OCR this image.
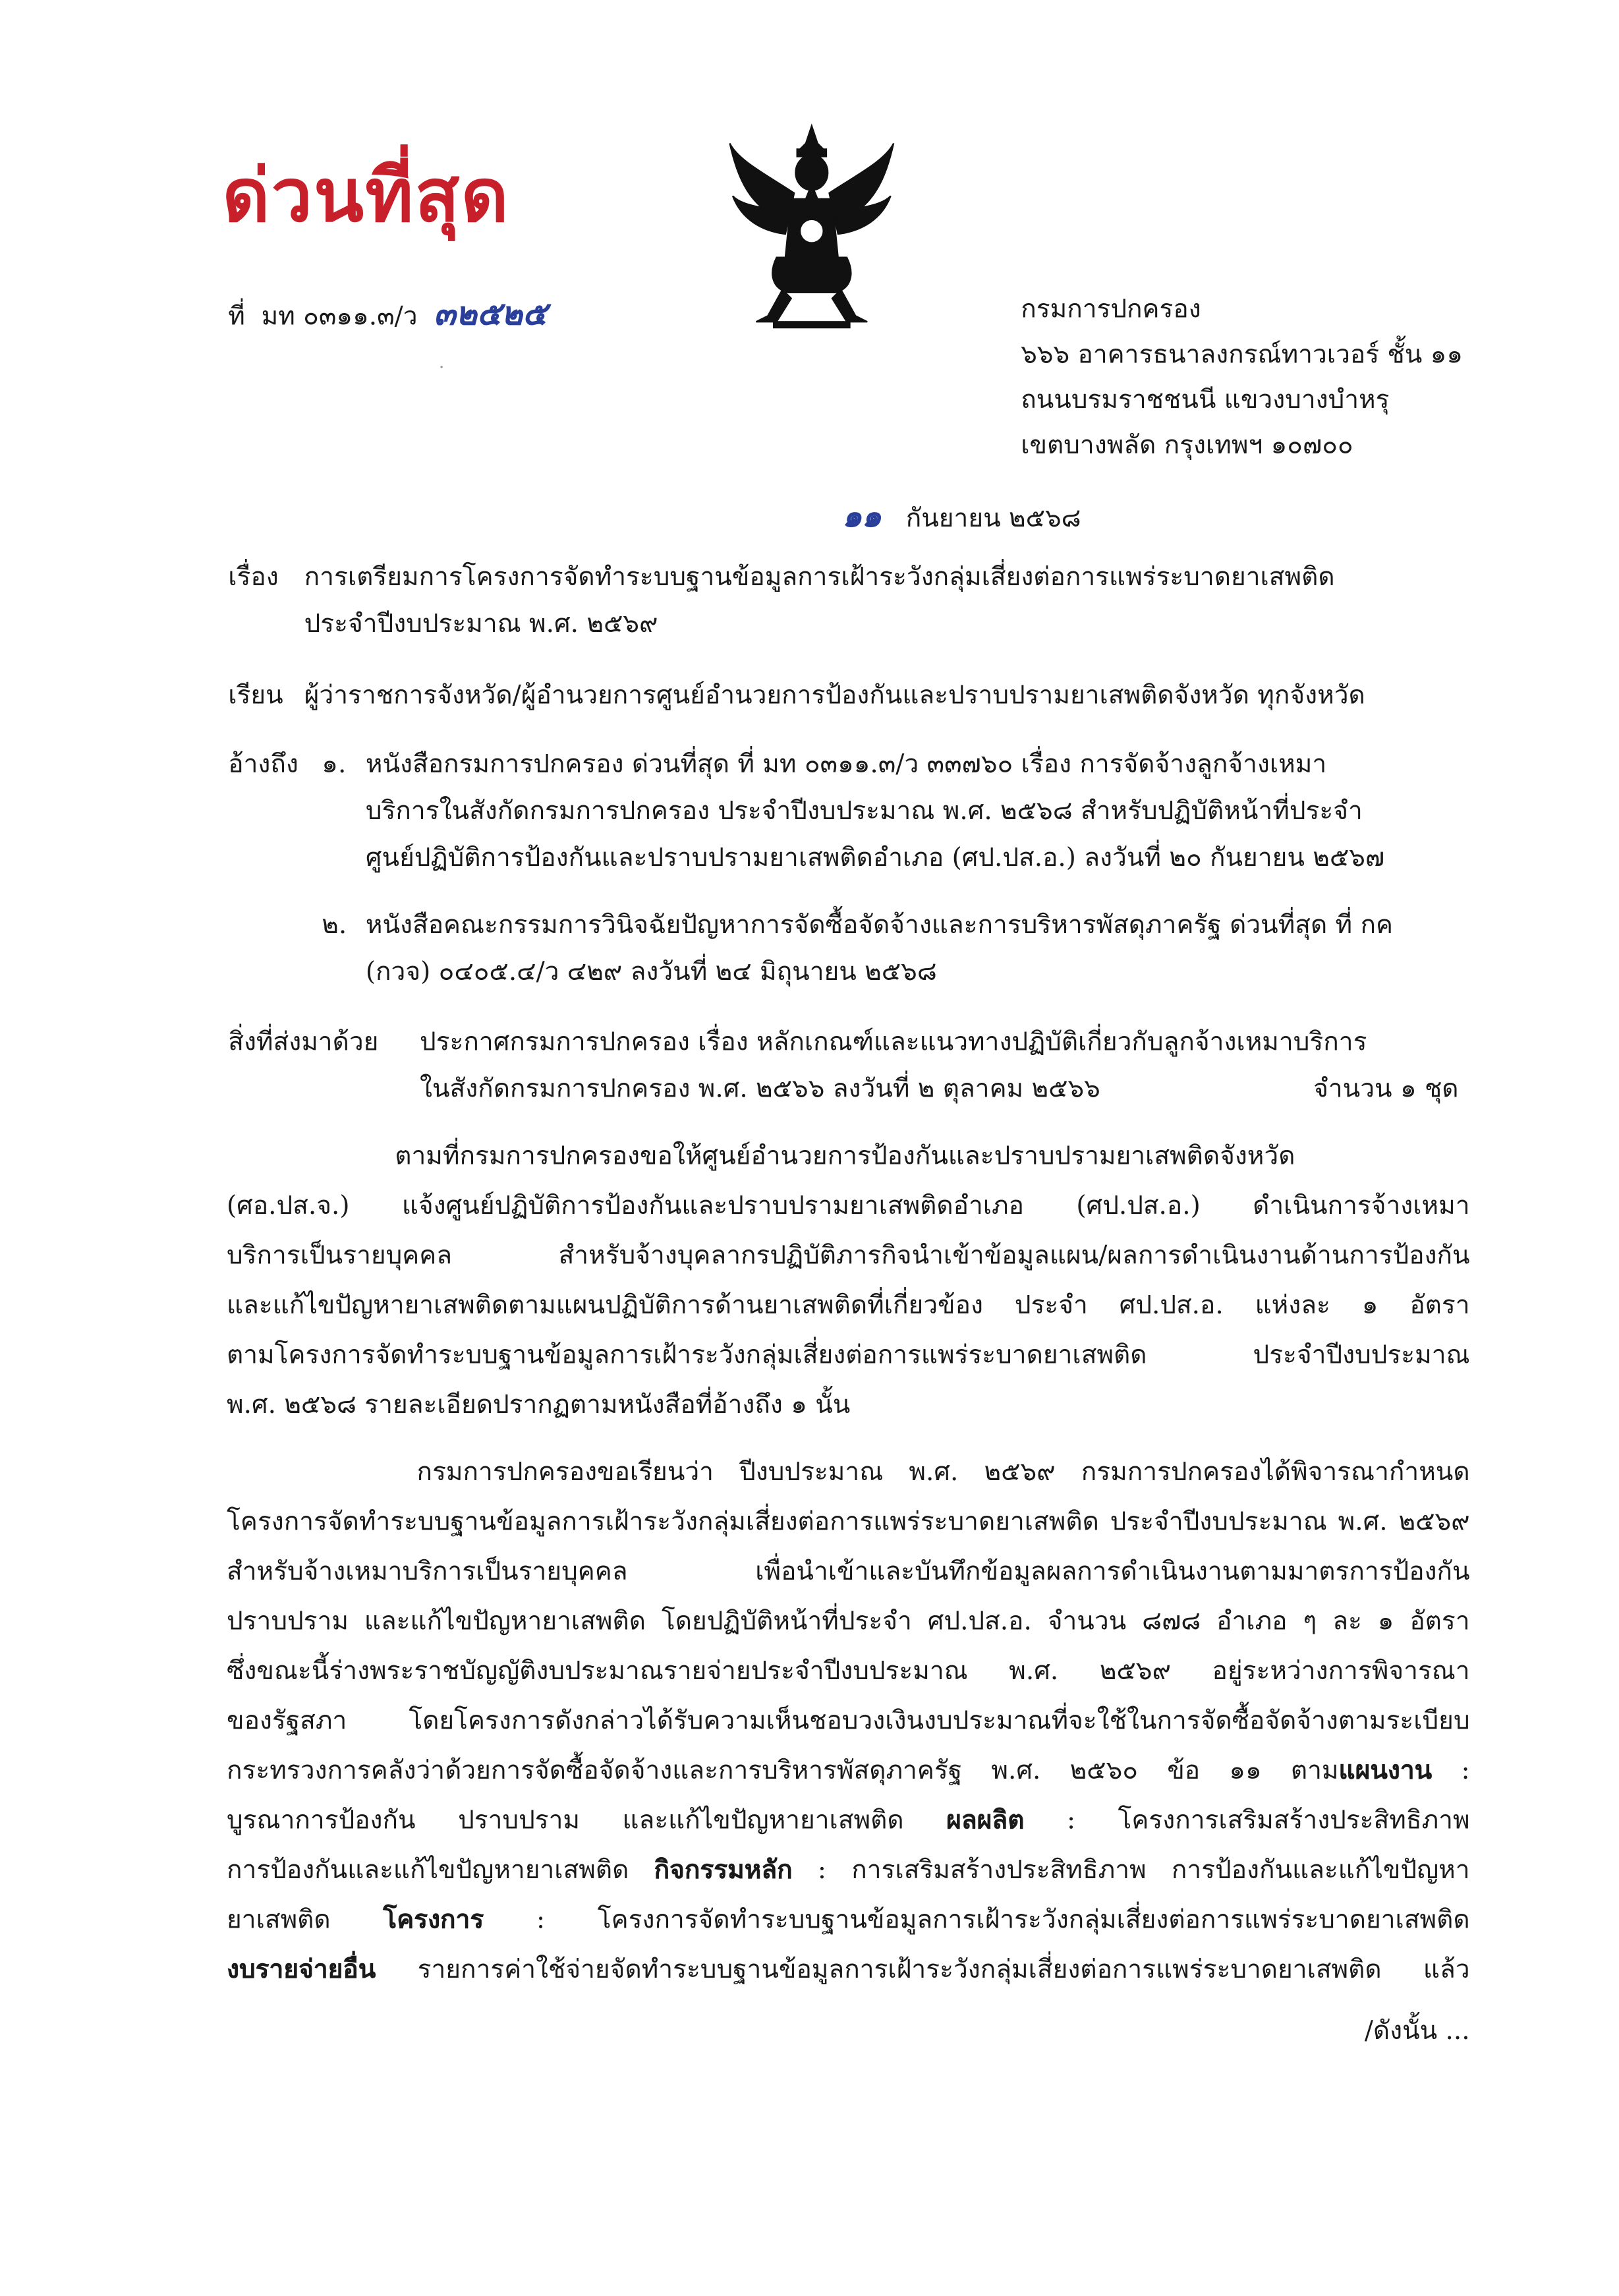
ด่วนที่สุด
ที่ มท ๐๓๑๑.๓/ว ๓๒๕๒๕
·
กรมการปกครอง
๖๖๖ อาคารธนาลงกรณ์ทาวเวอร์ ชั้น ๑๑
ถนนบรมราชชนนี แขวงบางบำหรุ
เขตบางพลัด กรุงเทพฯ ๑๐๗๐๐
๑๑ กันยายน ๒๕๖๘
เรื่อง การเตรียมการโครงการจัดทำระบบฐานข้อมูลการเฝ้าระวังกลุ่มเสี่ยงต่อการแพร่ระบาดยาเสพติด
ประจำปีงบประมาณ พ.ศ. ๒๕๖๙
เรียน ผู้ว่าราชการจังหวัด/ผู้อำนวยการศูนย์อำนวยการป้องกันและปราบปรามยาเสพติดจังหวัด ทุกจังหวัด
อ้างถึง ๑. หนังสือกรมการปกครอง ด่วนที่สุด ที่ มท ๐๓๑๑.๓/ว ๓๓๗๖๐ เรื่อง การจัดจ้างลูกจ้างเหมา
บริการในสังกัดกรมการปกครอง ประจำปีงบประมาณ พ.ศ. ๒๕๖๘ สำหรับปฏิบัติหน้าที่ประจำ
ศูนย์ปฏิบัติการป้องกันและปราบปรามยาเสพติดอำเภอ (ศป.ปส.อ.) ลงวันที่ ๒๐ กันยายน ๒๕๖๗
๒. หนังสือคณะกรรมการวินิจฉัยปัญหาการจัดซื้อจัดจ้างและการบริหารพัสดุภาครัฐ ด่วนที่สุด ที่ กค
(กวจ) ๐๔๐๕.๔/ว ๔๒๙ ลงวันที่ ๒๔ มิถุนายน ๒๕๖๘
สิ่งที่ส่งมาด้วย	ประกาศกรมการปกครอง เรื่อง หลักเกณฑ์และแนวทางปฏิบัติเกี่ยวกับลูกจ้างเหมาบริการ
ในสังกัดกรมการปกครอง พ.ศ. ๒๕๖๖ ลงวันที่ ๒ ตุลาคม ๒๕๖๖	จำนวน ๑ ชุด
ตามที่กรมการปกครองขอให้ศูนย์อำนวยการป้องกันและปราบปรามยาเสพติดจังหวัด
(ศอ.ปส.จ.) แจ้งศูนย์ปฏิบัติการป้องกันและปราบปรามยาเสพติดอำเภอ (ศป.ปส.อ.) ดำเนินการจ้างเหมา
บริการเป็นรายบุคคล สำหรับจ้างบุคลากรปฏิบัติภารกิจนำเข้าข้อมูลแผน/ผลการดำเนินงานด้านการป้องกัน
และแก้ไขปัญหายาเสพติดตามแผนปฏิบัติการด้านยาเสพติดที่เกี่ยวข้อง ประจำ ศป.ปส.อ. แห่งละ ๑ อัตรา
ตามโครงการจัดทำระบบฐานข้อมูลการเฝ้าระวังกลุ่มเสี่ยงต่อการแพร่ระบาดยาเสพติด ประจำปีงบประมาณ
พ.ศ. ๒๕๖๘ รายละเอียดปรากฏตามหนังสือที่อ้างถึง ๑ นั้น
กรมการปกครองขอเรียนว่า ปีงบประมาณ พ.ศ. ๒๕๖๙ กรมการปกครองได้พิจารณากำหนด
โครงการจัดทำระบบฐานข้อมูลการเฝ้าระวังกลุ่มเสี่ยงต่อการแพร่ระบาดยาเสพติด ประจำปีงบประมาณ พ.ศ. ๒๕๖๙
สำหรับจ้างเหมาบริการเป็นรายบุคคล เพื่อนำเข้าและบันทึกข้อมูลผลการดำเนินงานตามมาตรการป้องกัน
ปราบปราม และแก้ไขปัญหายาเสพติด โดยปฏิบัติหน้าที่ประจำ ศป.ปส.อ. จำนวน ๘๗๘ อำเภอ ๆ ละ ๑ อัตรา
ซึ่งขณะนี้ร่างพระราชบัญญัติงบประมาณรายจ่ายประจำปีงบประมาณ พ.ศ. ๒๕๖๙ อยู่ระหว่างการพิจารณา
ของรัฐสภา โดยโครงการดังกล่าวได้รับความเห็นชอบวงเงินงบประมาณที่จะใช้ในการจัดซื้อจัดจ้างตามระเบียบ
กระทรวงการคลังว่าด้วยการจัดซื้อจัดจ้างและการบริหารพัสดุภาครัฐ พ.ศ. ๒๕๖๐ ข้อ ๑๑ ตามแผนงาน :
บูรณาการป้องกัน ปราบปราม และแก้ไขปัญหายาเสพติด ผลผลิต : โครงการเสริมสร้างประสิทธิภาพ
การป้องกันและแก้ไขปัญหายาเสพติด กิจกรรมหลัก : การเสริมสร้างประสิทธิภาพ การป้องกันและแก้ไขปัญหา
ยาเสพติด โครงการ : โครงการจัดทำระบบฐานข้อมูลการเฝ้าระวังกลุ่มเสี่ยงต่อการแพร่ระบาดยาเสพติด
งบรายจ่ายอื่น รายการค่าใช้จ่ายจัดทำระบบฐานข้อมูลการเฝ้าระวังกลุ่มเสี่ยงต่อการแพร่ระบาดยาเสพติด แล้ว
/ดังนั้น ...
